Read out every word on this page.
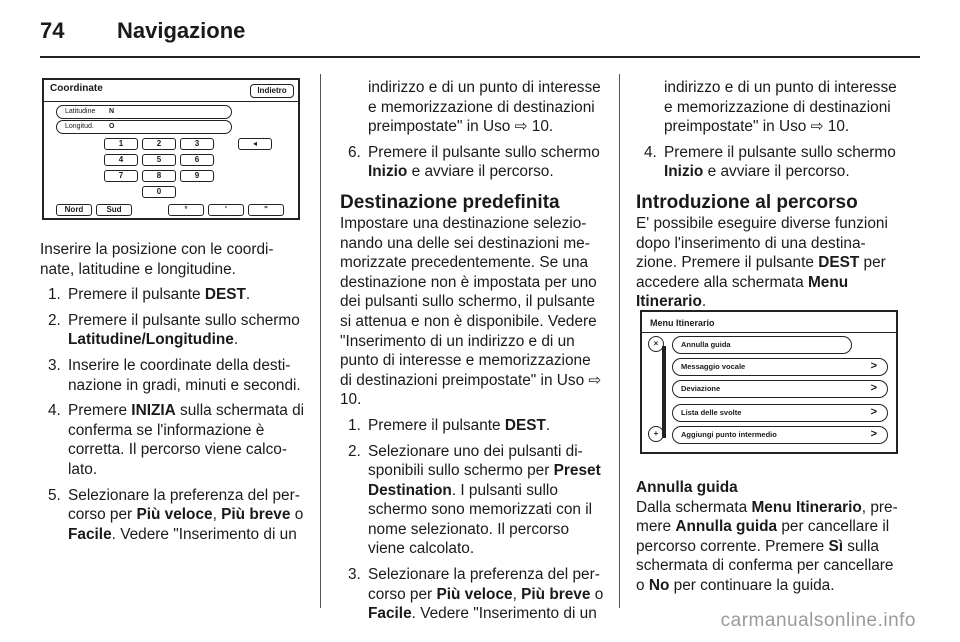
74 Navigazione
Coordinate	Indietro
Latitudine N
Longitud. O
1	2	3	◂
4	5	6
7	8	9
0
Nord	Sud	°	'	"

Inserire la posizione con le coordi- nate, latitudine e longitudine.

1. Premere il pulsante DEST.
2. Premere il pulsante sullo schermo Latitudine/Longitudine.
3. Inserire le coordinate della desti- nazione in gradi, minuti e secondi.
4. Premere INIZIA sulla schermata di conferma se l'informazione è corretta. Il percorso viene calco- lato.
5. Selezionare la preferenza del per- corso per Più veloce, Più breve o Facile. Vedere "Inserimento di un

indirizzo e di un punto di interesse e memorizzazione di destinazioni preimpostate" in Uso ⇨ 10.

6. Premere il pulsante sullo schermo Inizio e avviare il percorso.
Destinazione predefinita

Impostare una destinazione selezio- nando una delle sei destinazioni me- morizzate precedentemente. Se una destinazione non è impostata per uno dei pulsanti sullo schermo, il pulsante si attenua e non è disponibile. Vedere "Inserimento di un indirizzo e di un punto di interesse e memorizzazione di destinazioni preimpostate" in Uso ⇨ 10.

1. Premere il pulsante DEST.
2. Selezionare uno dei pulsanti di- sponibili sullo schermo per Preset Destination. I pulsanti sullo schermo sono memorizzati con il nome selezionato. Il percorso viene calcolato.
3. Selezionare la preferenza del per- corso per Più veloce, Più breve o Facile. Vedere "Inserimento di un

indirizzo e di un punto di interesse e memorizzazione di destinazioni preimpostate" in Uso ⇨ 10.

4. Premere il pulsante sullo schermo Inizio e avviare il percorso.
Introduzione al percorso

E' possibile eseguire diverse funzioni dopo l'inserimento di una destina- zione. Premere il pulsante DEST per accedere alla schermata Menu Itinerario.

Menu Itinerario
×	Annulla guida
Messaggio vocale	>
Deviazione	>
Lista delle svolte	>
+	Aggiungi punto intermedio	>
Annulla guida

Dalla schermata Menu Itinerario, pre- mere Annulla guida per cancellare il percorso corrente. Premere Sì sulla schermata di conferma per cancellare o No per continuare la guida.

carmanualsonline.info
